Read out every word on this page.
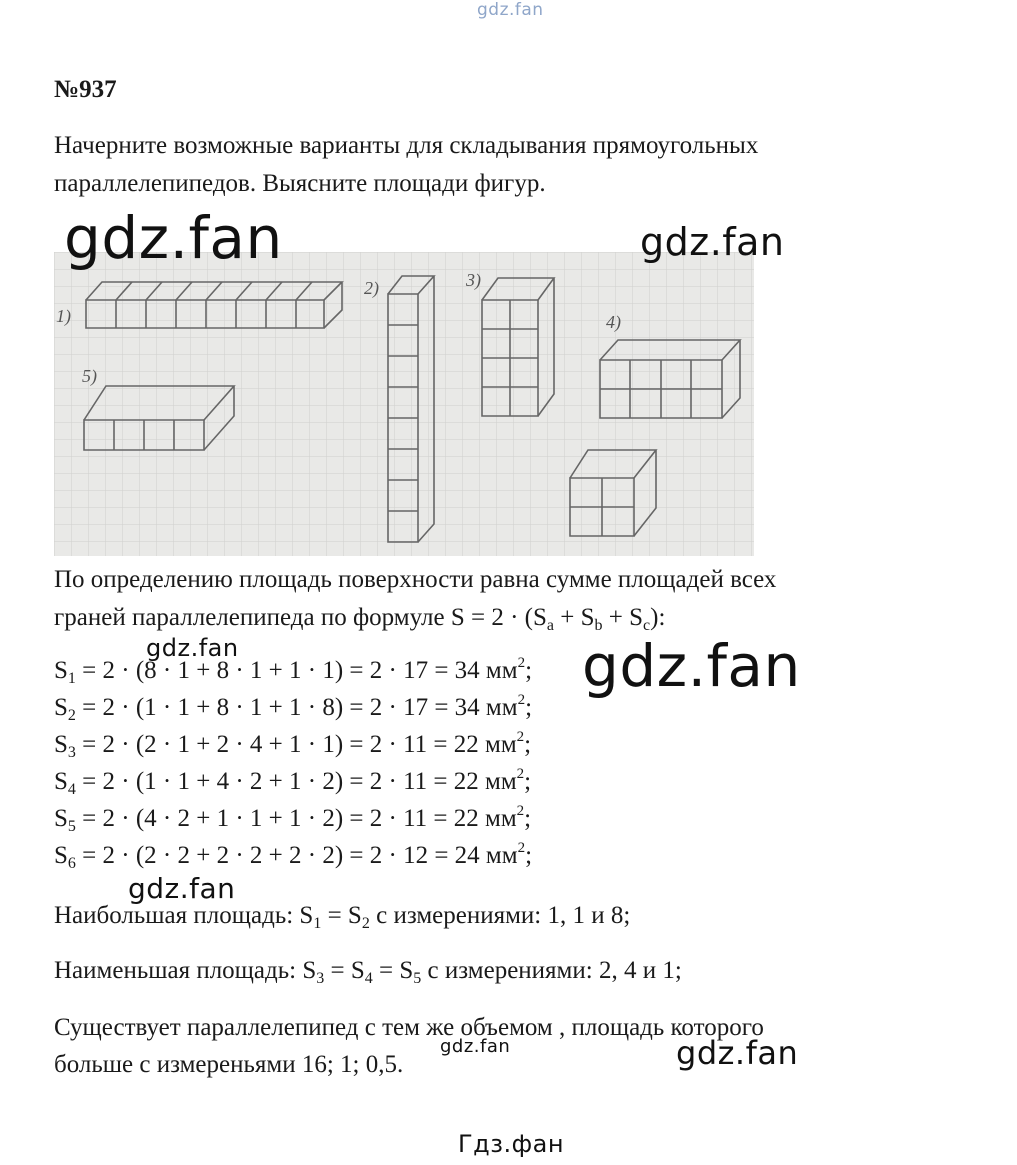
gdz.fan
№937
Начерните возможные варианты для складывания прямоугольных
параллелепипедов. Выясните площади фигур.
1)
2)	3)
4)
5)
По определению площадь поверхности равна сумме площадей всех
граней параллелепипеда по формуле $S = 2 \cdot (S_a + S_b + S_c)$:
$S_1 = 2 \cdot (8 \cdot 1 + 8 \cdot 1 + 1 \cdot 1) = 2 \cdot 17 = 34$ $мм^2$;
$S_2 = 2 \cdot (1 \cdot 1 + 8 \cdot 1 + 1 \cdot 8) = 2 \cdot 17 = 34$ $мм^2$;
$S_3 = 2 \cdot (2 \cdot 1 + 2 \cdot 4 + 1 \cdot 1) = 2 \cdot 11 = 22$ $мм^2$;
$S_4 = 2 \cdot (1 \cdot 1 + 4 \cdot 2 + 1 \cdot 2) = 2 \cdot 11 = 22$ $мм^2$;
$S_5 = 2 \cdot (4 \cdot 2 + 1 \cdot 1 + 1 \cdot 2) = 2 \cdot 11 = 22$ $мм^2$;
$S_6 = 2 \cdot (2 \cdot 2 + 2 \cdot 2 + 2 \cdot 2) = 2 \cdot 12 = 24$ $мм^2$;
Наибольшая площадь: $S_1 = S_2$ с измерениями: 1, 1 и 8;
Наименьшая площадь: $S_3 = S_4 = S_5$ с измерениями: 2, 4 и 1;
Существует параллелепипед с тем же объемом , площадь которого
больше с измереньями 16; 1; 0,5.
gdz.fan	gdz.fan
gdz.fan	gdz.fan
gdz.fan
gdz.fan	gdz.fan
Гдз.фан
